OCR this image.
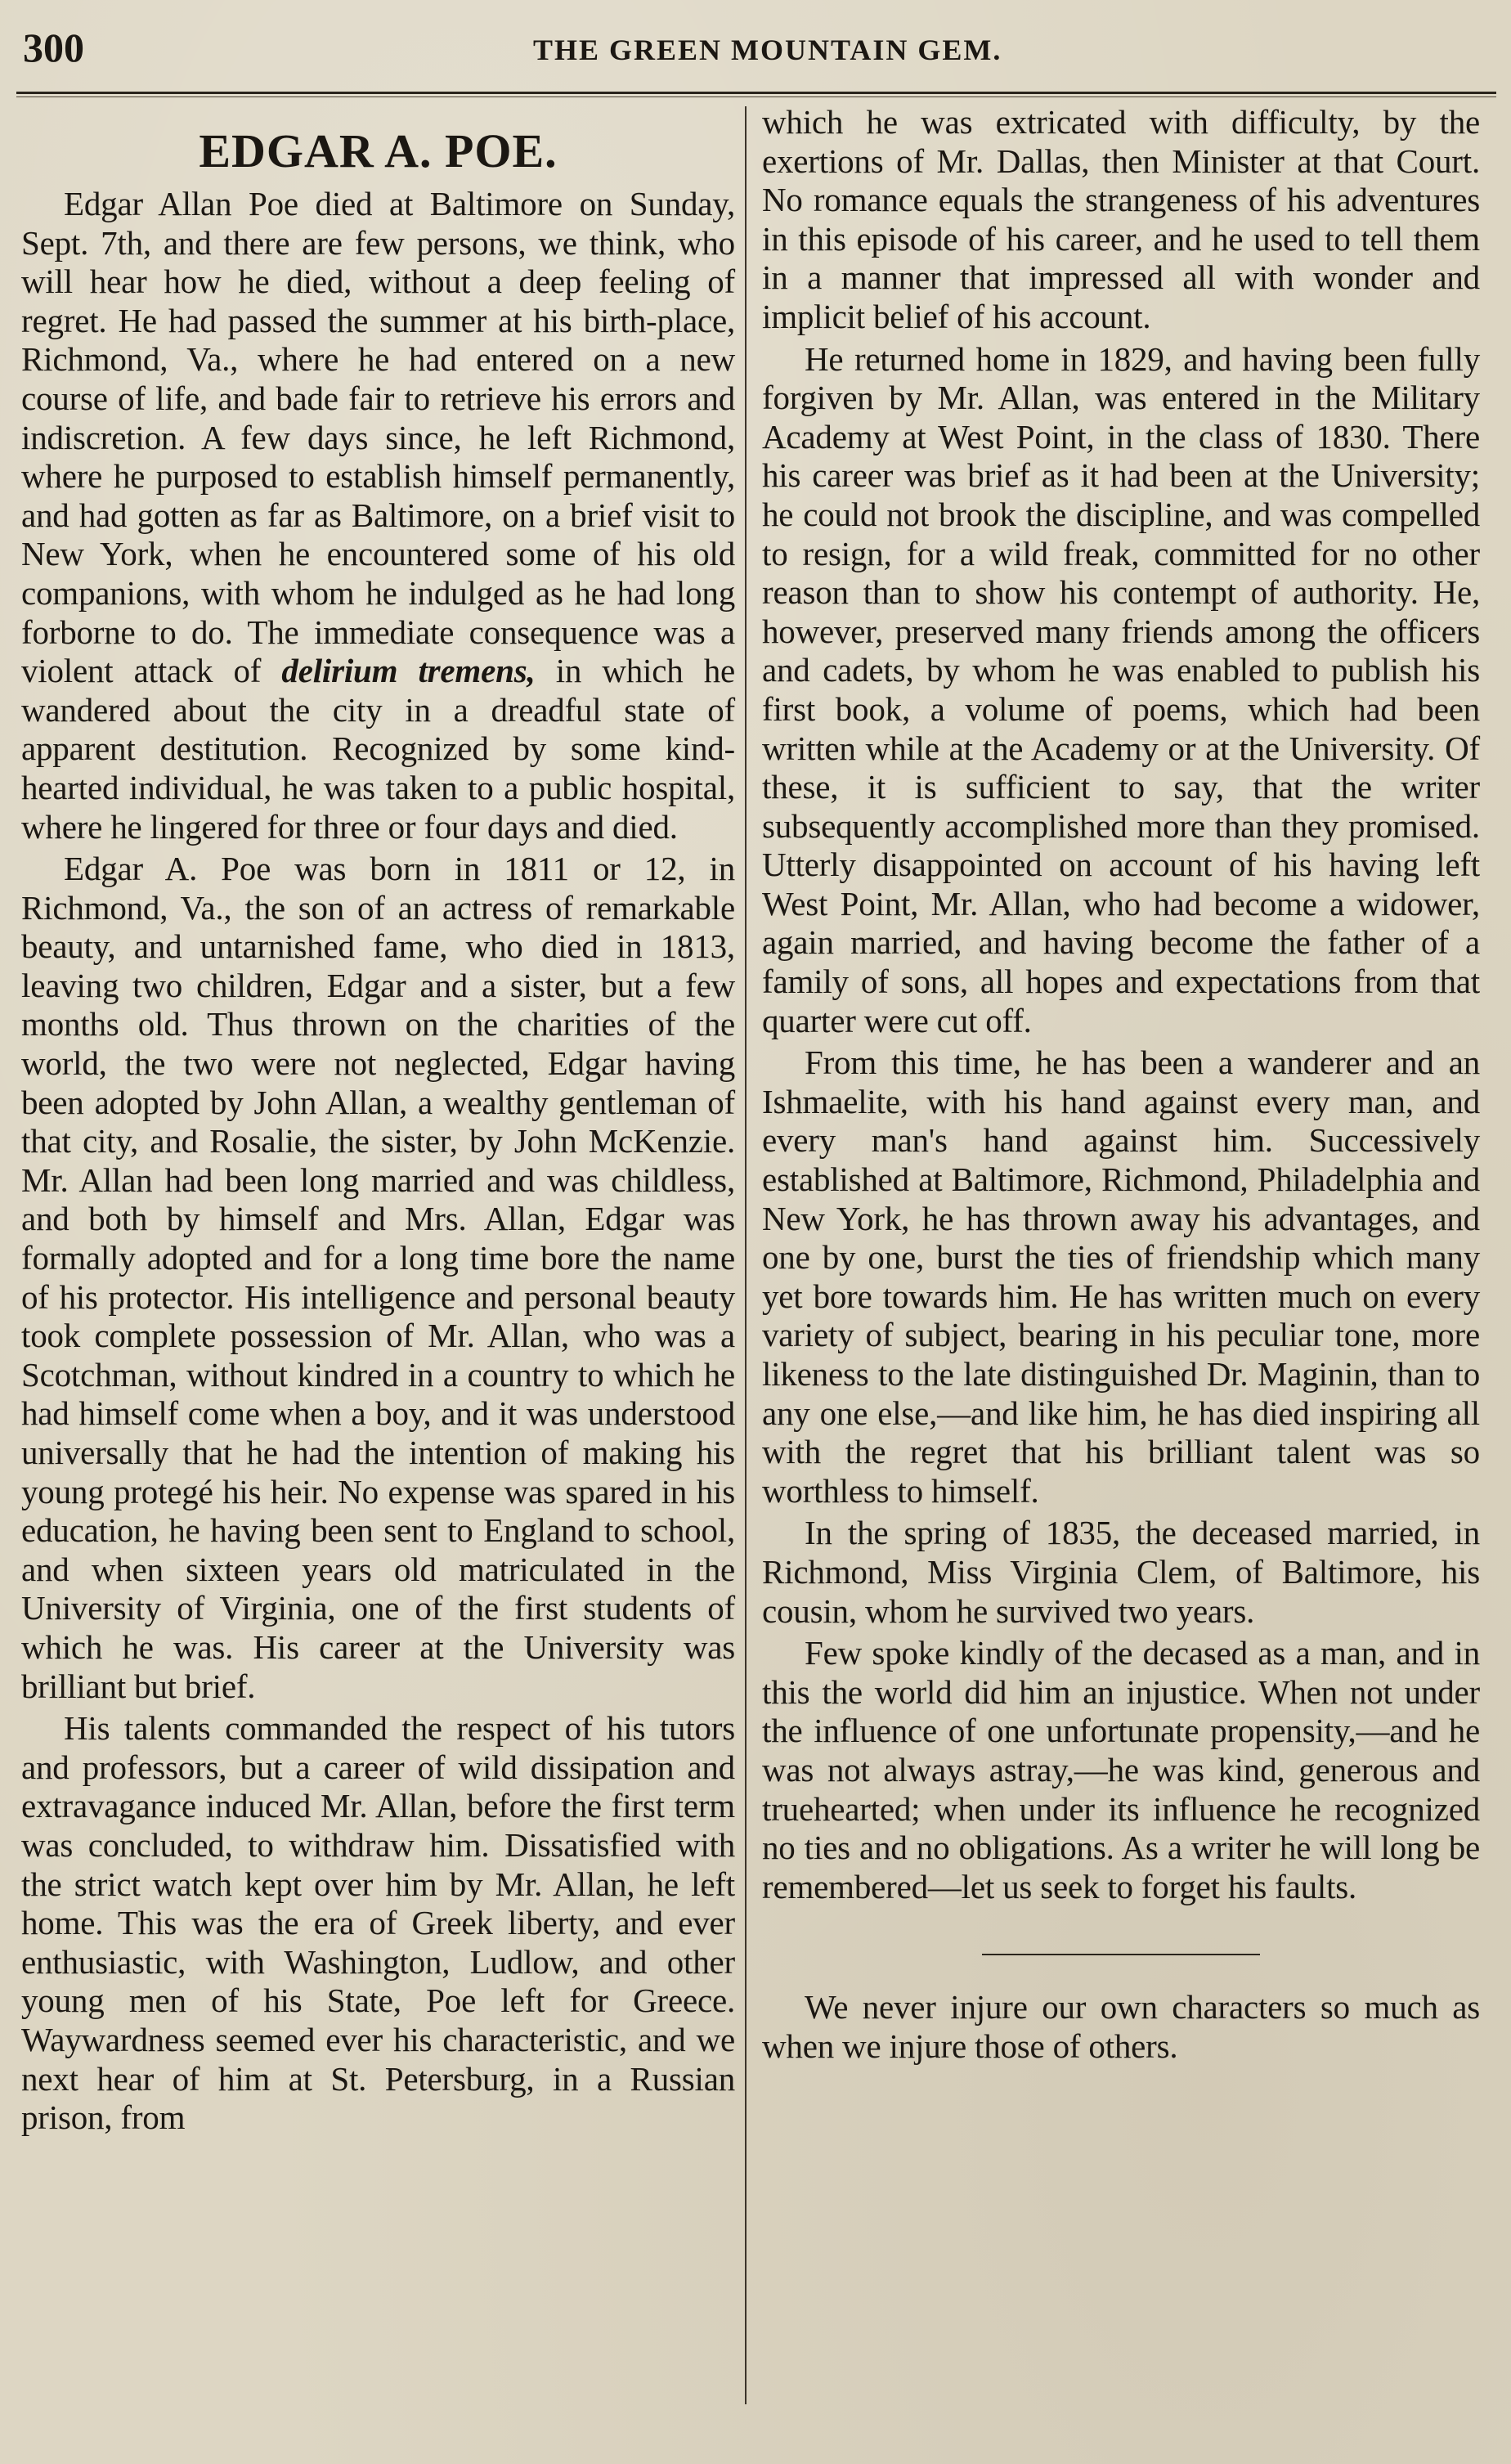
300	THE GREEN MOUNTAIN GEM.
EDGAR A. POE.

Edgar Allan Poe died at Baltimore on Sunday, Sept. 7th, and there are few persons, we think, who will hear how he died, without a deep feeling of regret. He had passed the summer at his birth-place, Richmond, Va., where he had entered on a new course of life, and bade fair to retrieve his errors and indiscretion. A few days since, he left Richmond, where he purposed to establish himself permanently, and had gotten as far as Baltimore, on a brief visit to New York, when he encountered some of his old companions, with whom he indulged as he had long forborne to do. The immediate consequence was a violent attack of delirium tremens, in which he wandered about the city in a dreadful state of apparent destitution. Recognized by some kind-hearted individual, he was taken to a public hospital, where he lingered for three or four days and died.

Edgar A. Poe was born in 1811 or 12, in Richmond, Va., the son of an actress of remarkable beauty, and untarnished fame, who died in 1813, leaving two children, Edgar and a sister, but a few months old. Thus thrown on the charities of the world, the two were not neglected, Edgar having been adopted by John Allan, a wealthy gentleman of that city, and Rosalie, the sister, by John McKenzie. Mr. Allan had been long married and was childless, and both by himself and Mrs. Allan, Edgar was formally adopted and for a long time bore the name of his protector. His intelligence and personal beauty took complete possession of Mr. Allan, who was a Scotchman, without kindred in a country to which he had himself come when a boy, and it was understood universally that he had the intention of making his young protegé his heir. No expense was spared in his education, he having been sent to England to school, and when sixteen years old matriculated in the University of Virginia, one of the first students of which he was. His career at the University was brilliant but brief.

His talents commanded the respect of his tutors and professors, but a career of wild dissipation and extravagance induced Mr. Allan, before the first term was concluded, to withdraw him. Dissatisfied with the strict watch kept over him by Mr. Allan, he left home. This was the era of Greek liberty, and ever enthusiastic, with Washington, Ludlow, and other young men of his State, Poe left for Greece. Waywardness seemed ever his characteristic, and we next hear of him at St. Petersburg, in a Russian prison, from

which he was extricated with difficulty, by the exertions of Mr. Dallas, then Minister at that Court. No romance equals the strangeness of his adventures in this episode of his career, and he used to tell them in a manner that impressed all with wonder and implicit belief of his account.

He returned home in 1829, and having been fully forgiven by Mr. Allan, was entered in the Military Academy at West Point, in the class of 1830. There his career was brief as it had been at the University; he could not brook the discipline, and was compelled to resign, for a wild freak, committed for no other reason than to show his contempt of authority. He, however, preserved many friends among the officers and cadets, by whom he was enabled to publish his first book, a volume of poems, which had been written while at the Academy or at the University. Of these, it is sufficient to say, that the writer subsequently accomplished more than they promised. Utterly disappointed on account of his having left West Point, Mr. Allan, who had become a widower, again married, and having become the father of a family of sons, all hopes and expectations from that quarter were cut off.

From this time, he has been a wanderer and an Ishmaelite, with his hand against every man, and every man's hand against him. Successively established at Baltimore, Richmond, Philadelphia and New York, he has thrown away his advantages, and one by one, burst the ties of friendship which many yet bore towards him. He has written much on every variety of subject, bearing in his peculiar tone, more likeness to the late distinguished Dr. Maginin, than to any one else,—and like him, he has died inspiring all with the regret that his brilliant talent was so worthless to himself.

In the spring of 1835, the deceased married, in Richmond, Miss Virginia Clem, of Baltimore, his cousin, whom he survived two years.

Few spoke kindly of the decased as a man, and in this the world did him an injustice. When not under the influence of one unfortunate propensity,—and he was not always astray,—he was kind, generous and truehearted; when under its influence he recognized no ties and no obligations. As a writer he will long be remembered—let us seek to forget his faults.

We never injure our own characters so much as when we injure those of others.
